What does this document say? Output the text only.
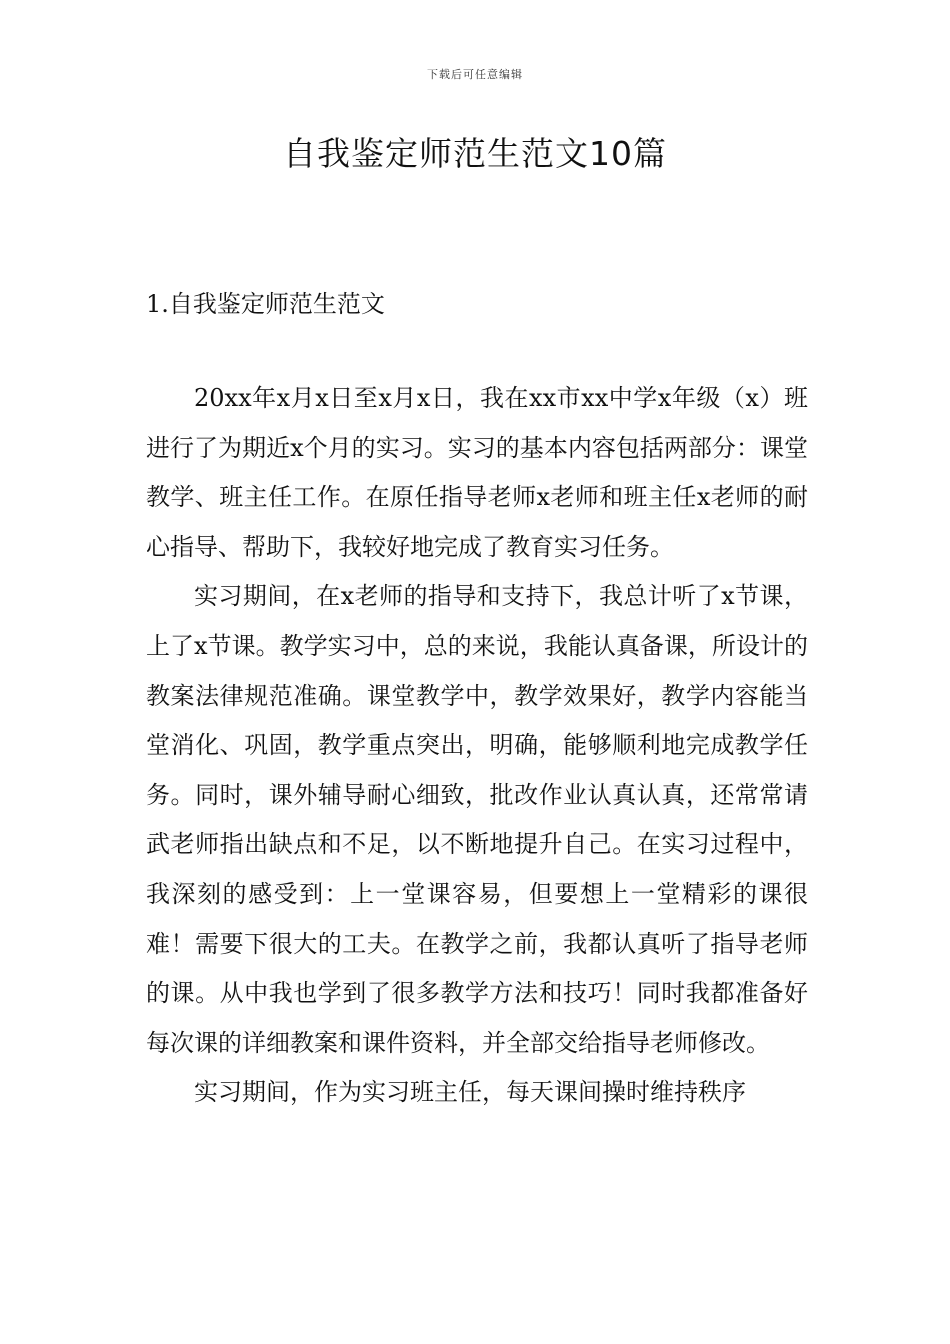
下载后可任意编辑
自我鉴定师范生范文10篇
1.自我鉴定师范生范文

20xx年x月x日至x月x日，我在xx市xx中学x年级（x）班进行了为期近x个月的实习。实习的基本内容包括两部分：课堂教学、班主任工作。在原任指导老师x老师和班主任x老师的耐心指导、帮助下，我较好地完成了教育实习任务。

实习期间，在x老师的指导和支持下，我总计听了x节课，上了x节课。教学实习中，总的来说，我能认真备课，所设计的教案法律规范准确。课堂教学中，教学效果好，教学内容能当堂消化、巩固，教学重点突出，明确，能够顺利地完成教学任务。同时，课外辅导耐心细致，批改作业认真认真，还常常请武老师指出缺点和不足，以不断地提升自己。在实习过程中，我深刻的感受到：上一堂课容易，但要想上一堂精彩的课很难！需要下很大的工夫。在教学之前，我都认真听了指导老师的课。从中我也学到了很多教学方法和技巧！同时我都准备好每次课的详细教案和课件资料，并全部交给指导老师修改。

实习期间，作为实习班主任，每天课间操时维持秩序
